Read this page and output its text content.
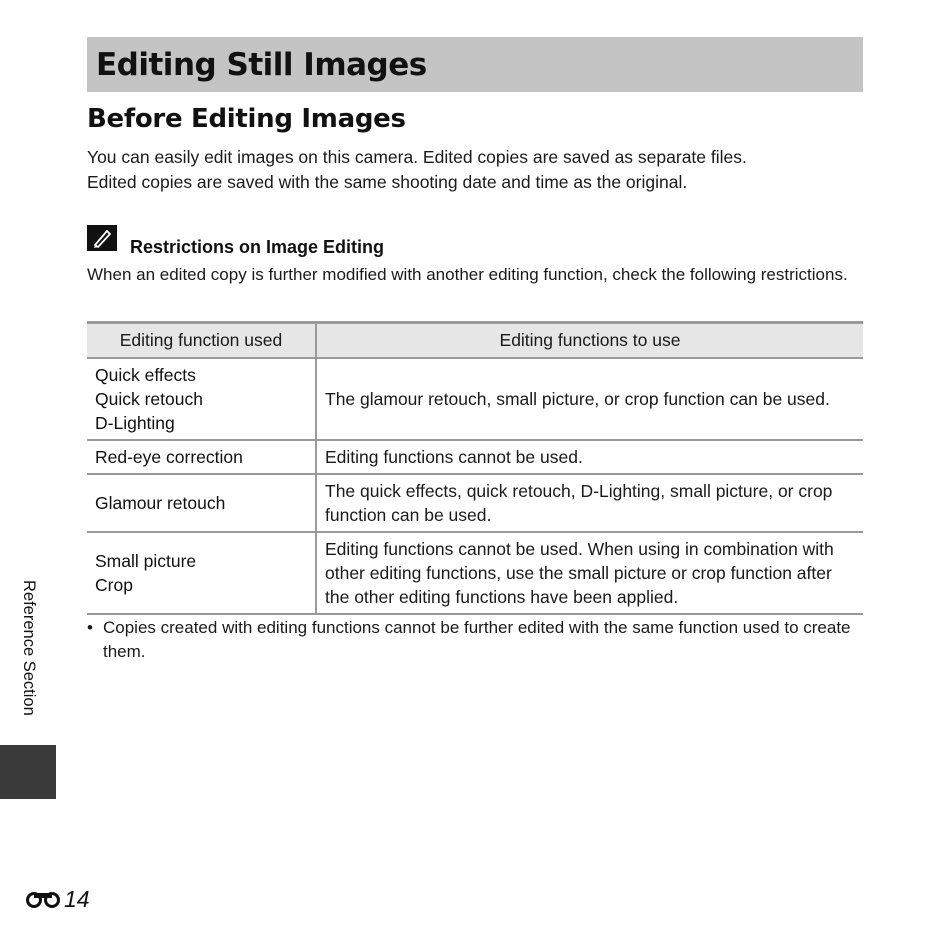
Editing Still Images
Before Editing Images

You can easily edit images on this camera. Edited copies are saved as separate files.

Edited copies are saved with the same shooting date and time as the original.

Restrictions on Image Editing

When an edited copy is further modified with another editing function, check the following restrictions.

Editing function used	Editing functions to use

Quick effects
Quick retouch
D-Lighting	The glamour retouch, small picture, or crop function can be used.

Red-eye correction	Editing functions cannot be used.

Glamour retouch	The quick effects, quick retouch, D-Lighting, small picture, or crop function can be used.

Small picture
Crop	Editing functions cannot be used. When using in combination with other editing functions, use the small picture or crop function after the other editing functions have been applied.
• Copies created with editing functions cannot be further edited with the same function used to create them.
Reference Section
14
